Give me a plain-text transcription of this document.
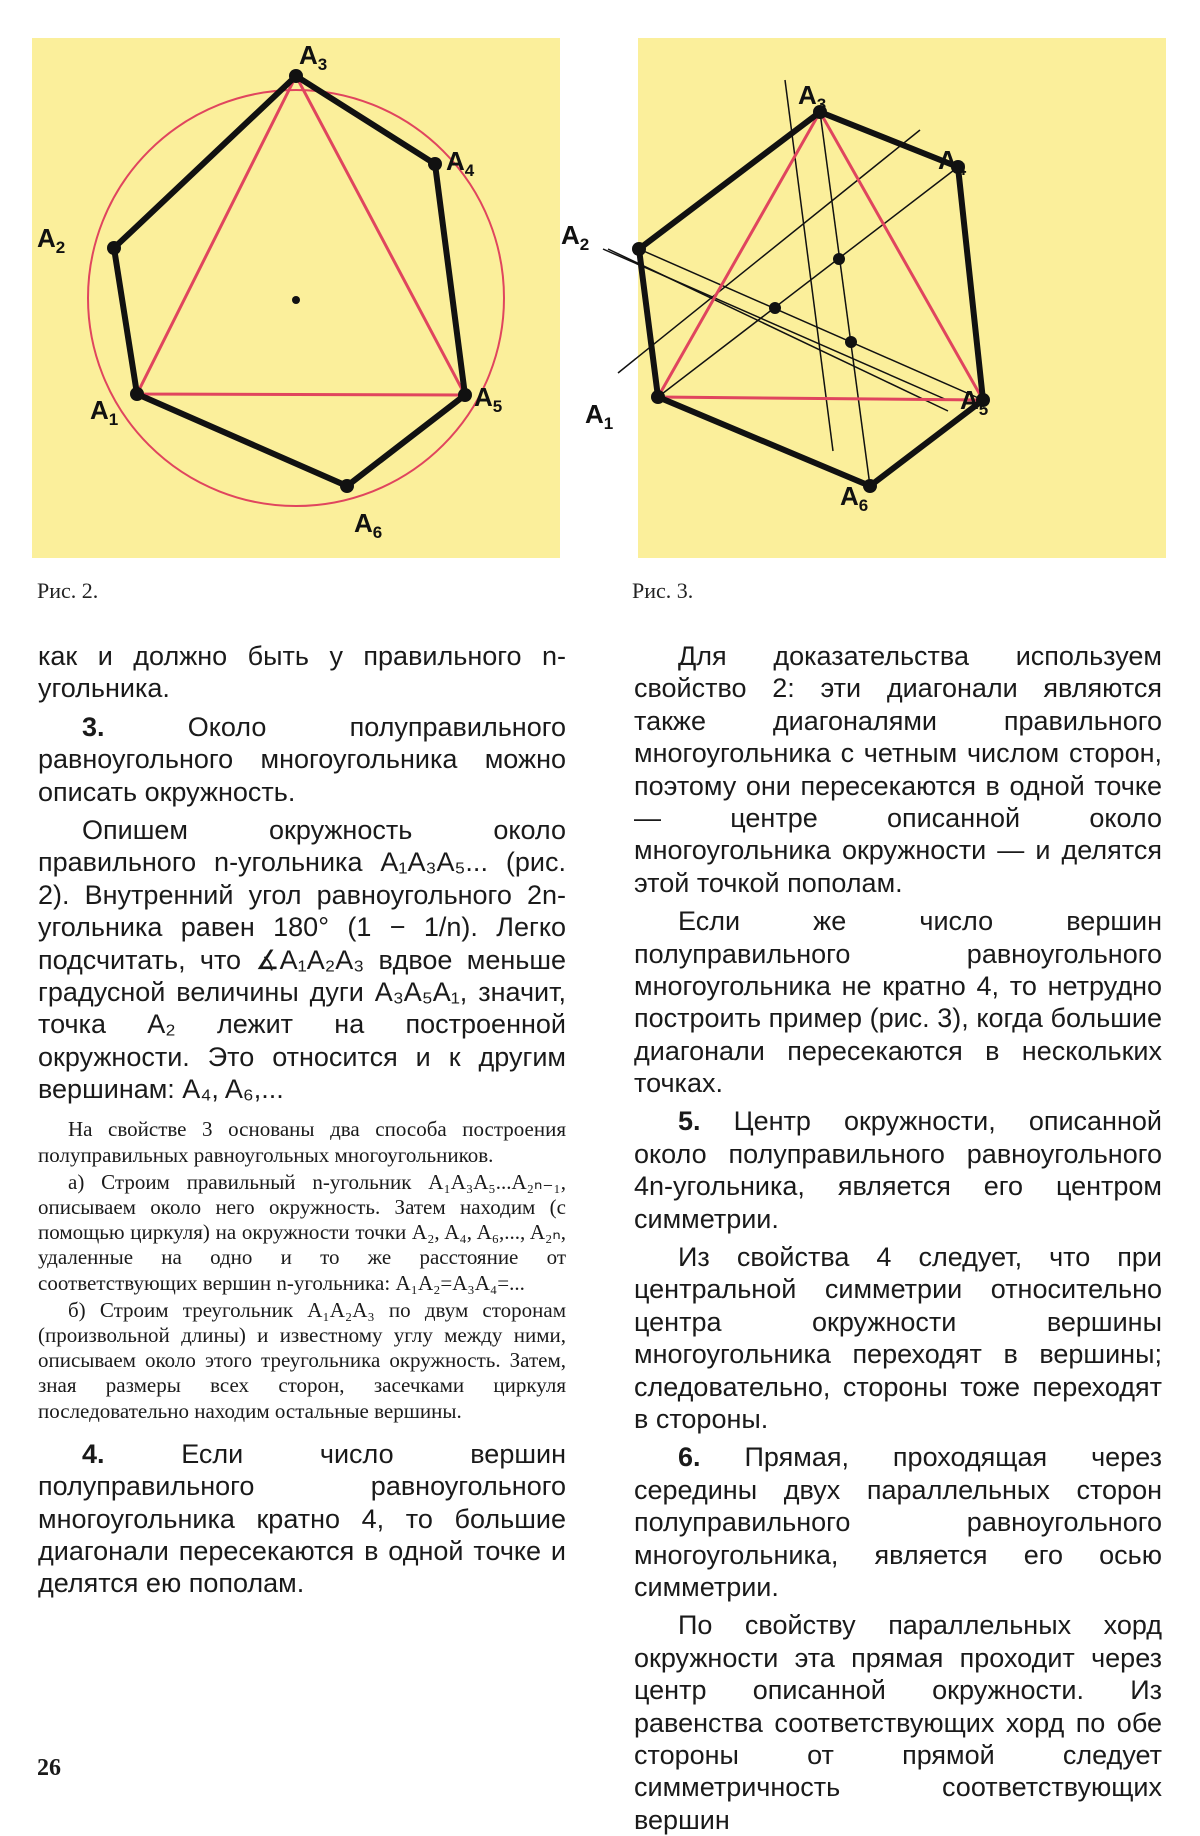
$A_1$
$A_2$
$A_3$
$A_4$
$A_5$
$A_6$
Рис. 2.
$A_1$
$A_2$
$A_3$
$A_4$
$A_5$
$A_6$
Рис. 3.

как и должно быть у правильного n-угольника.

3.	Около полуправильного равноугольного многоугольника можно описать окружность.

Опишем окружность около правильного n-угольника A₁A₃A₅... (рис. 2). Внутренний угол равноугольного 2n-угольника равен 180° (1 − 1/n). Легко подсчитать, что ∡A₁A₂A₃ вдвое меньше градусной величины дуги A₃A₅A₁, значит, точка A₂ лежит на построенной окружности. Это относится и к другим вершинам: A₄, A₆,...

На свойстве 3 основаны два способа построения полуправильных равноугольных многоугольников.

а) Строим правильный n-угольник A₁A₃A₅...A₂ₙ₋₁, описываем около него окружность. Затем находим (с помощью циркуля) на окружности точки A₂, A₄, A₆,..., A₂ₙ, удаленные на одно и то же расстояние от соответствующих вершин n-угольника: A₁A₂=A₃A₄=...

б) Строим треугольник A₁A₂A₃ по двум сторонам (произвольной длины) и известному углу между ними, описываем около этого треугольника окружность. Затем, зная размеры всех сторон, засечками циркуля последовательно находим остальные вершины.

4.	Если число вершин полуправильного равноугольного многоугольника кратно 4, то большие диагонали пересекаются в одной точке и делятся ею пополам.

Для доказательства используем свойство 2: эти диагонали являются также диагоналями правильного многоугольника с четным числом сторон, поэтому они пересекаются в одной точке — центре описанной около многоугольника окружности — и делятся этой точкой пополам.

Если же число вершин полуправильного равноугольного многоугольника не кратно 4, то нетрудно построить пример (рис. 3), когда большие диагонали пересекаются в нескольких точках.

5. Центр окружности, описанной около полуправильного равноугольного 4n-угольника, является его центром симметрии.

Из свойства 4 следует, что при центральной симметрии относительно центра окружности вершины многоугольника переходят в вершины; следовательно, стороны тоже переходят в стороны.

6. Прямая, проходящая через середины двух параллельных сторон полуправильного равноугольного многоугольника, является его осью симметрии.

По свойству параллельных хорд окружности эта прямая проходит через центр описанной окружности. Из равенства соответствующих хорд по обе стороны от прямой следует симметричность соответствующих вершин

26
